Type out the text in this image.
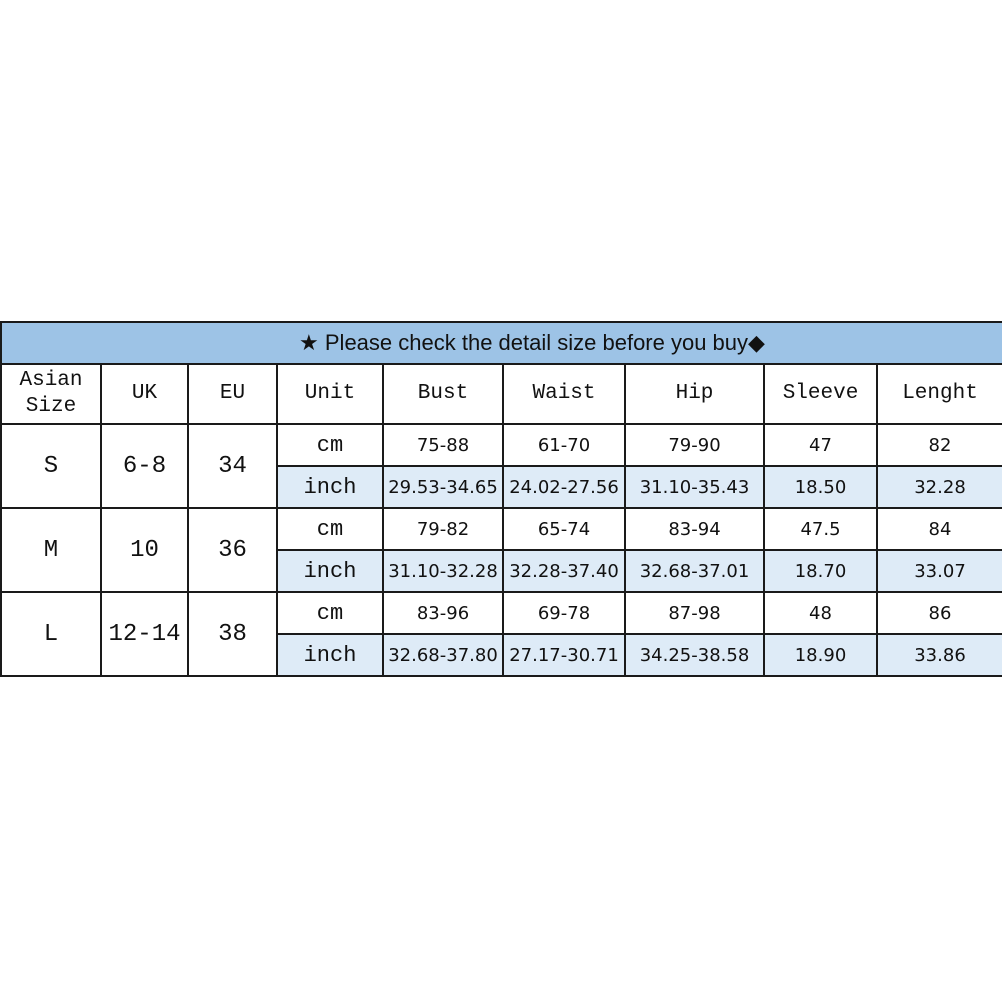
★ Please check the detail size before you buy◆								
Asian
Size	UK	EU	Unit	Bust	Waist	Hip	Sleeve	Lenght
S	6-8	34	cm	75-88	61-70	79-90	47	82
			inch	29.53-34.65	24.02-27.56	31.10-35.43	18.50	32.28
M	10	36	cm	79-82	65-74	83-94	47.5	84
			inch	31.10-32.28	32.28-37.40	32.68-37.01	18.70	33.07
L	12-14	38	cm	83-96	69-78	87-98	48	86
			inch	32.68-37.80	27.17-30.71	34.25-38.58	18.90	33.86
